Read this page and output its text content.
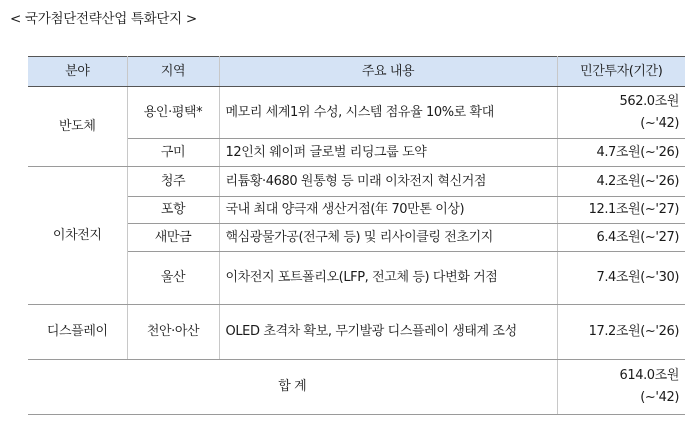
< 국가첨단전략산업 특화단지 >
분야	지역	주요 내용	민간투자(기간)
반도체	용인·평택*	메모리 세계1위 수성, 시스템 점유율 10%로 확대	562.0조원
(~'42)

	구미	12인치 웨이퍼 글로벌 리딩그룹 도약	4.7조원(~'26)
이차전지	청주	리튬황·4680 원통형 등 미래 이차전지 혁신거점	4.2조원(~'26)
	포항	국내 최대 양극재 생산거점(年 70만톤 이상)	12.1조원(~'27)
	새만금	핵심광물가공(전구체 등) 및 리사이클링 전초기지	6.4조원(~'27)
	울산	이차전지 포트폴리오(LFP, 전고체 등) 다변화 거점	7.4조원(~'30)
디스플레이	천안·아산	OLED 초격차 확보, 무기발광 디스플레이 생태계 조성	17.2조원(~'26)
합 계			614.0조원
(~'42)
